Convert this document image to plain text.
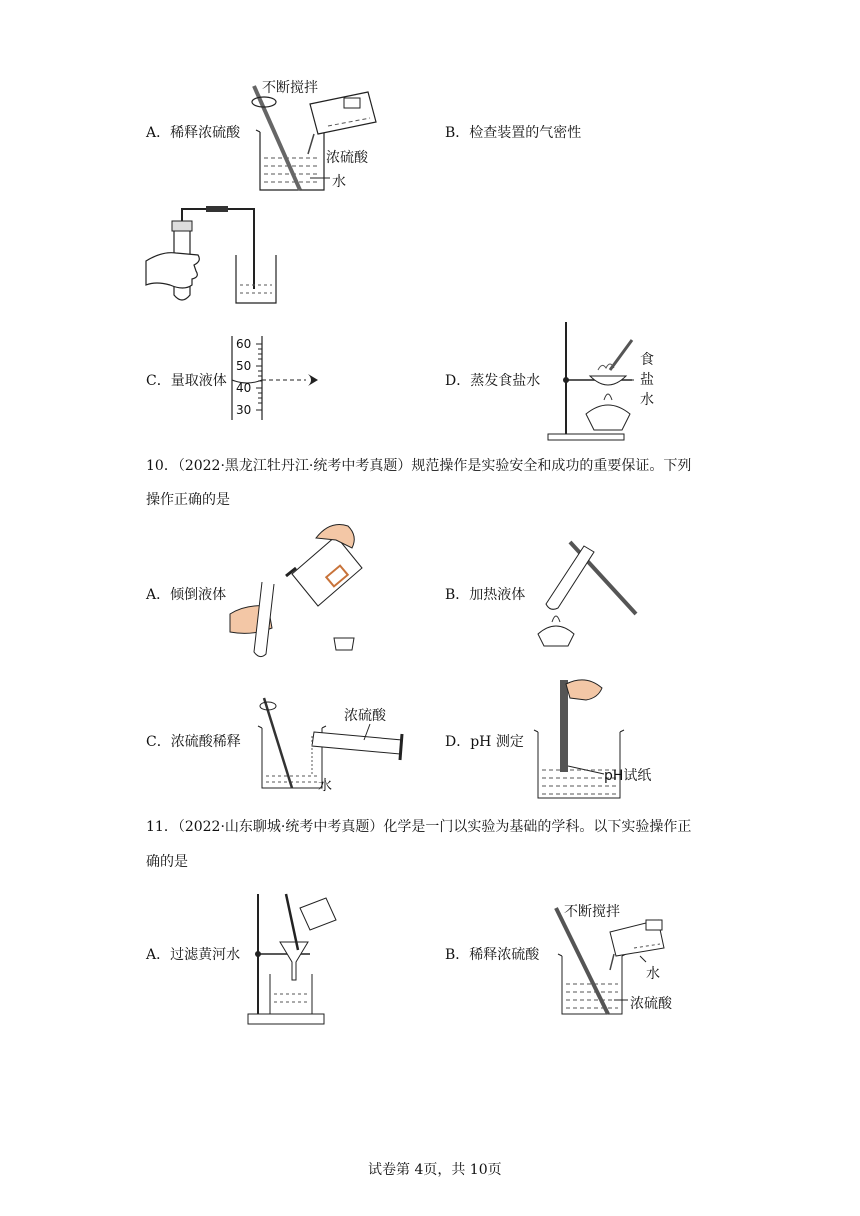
A．稀释浓硫酸
不断搅拌
浓硫酸
水
B．检查装置的气密性
C．量取液体
60
50
40
30
D．蒸发食盐水
食
盐
水
10．（2022·黑龙江牡丹江·统考中考真题）规范操作是实验安全和成功的重要保证。下列
操作正确的是
A．倾倒液体	B．加热液体
C．浓硫酸稀释
浓硫酸
水
D．pH 测定
pH试纸
11．（2022·山东聊城·统考中考真题）化学是一门以实验为基础的学科。以下实验操作正
确的是
A．过滤黄河水	B．稀释浓硫酸
不断搅拌
水
浓硫酸
试卷第 4页，共 10页
